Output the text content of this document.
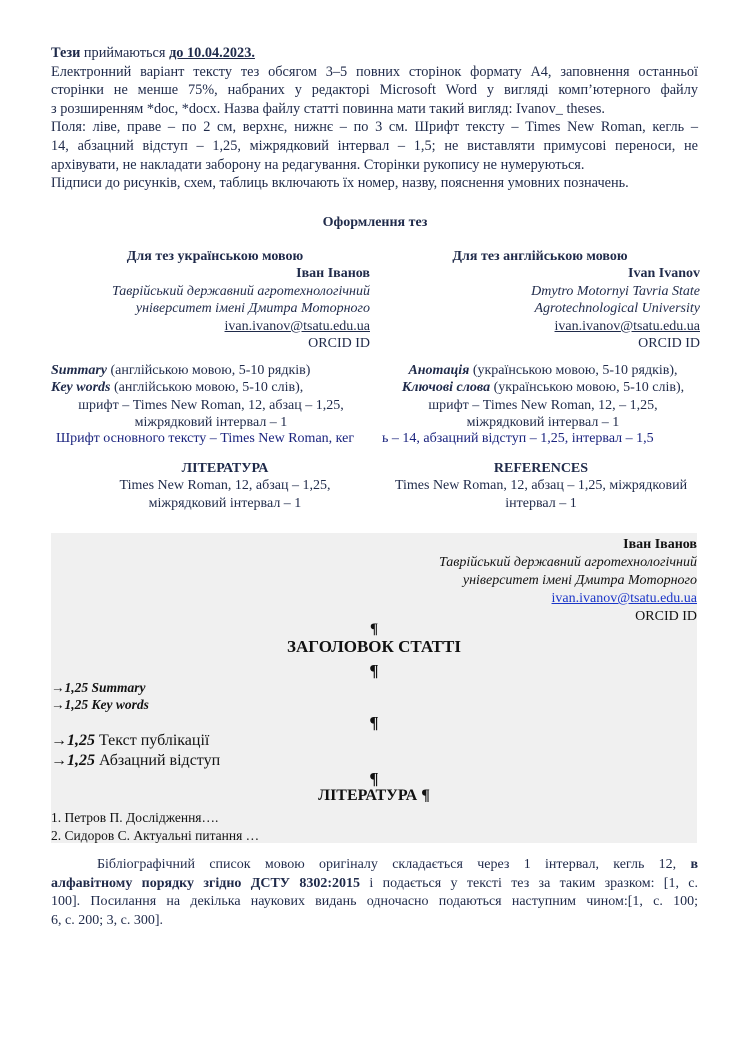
Тези приймаються до 10.04.2023.

Електронний варіант тексту тез обсягом 3–5 повних сторінок формату А4, заповнення останньої

сторінки не менше 75%, набраних у редакторі Microsoft Word у вигляді комп’ютерного файлу

з розширенням *doc, *docх. Назва файлу статті повинна мати такий вигляд: Ivanov_ theses.

Поля: ліве, праве – по 2 см, верхнє, нижнє – по 3 см. Шрифт тексту – Times New Roman, кегль –

14, абзацний відступ – 1,25, міжрядковий інтервал – 1,5; не виставляти примусові переноси, не

архівувати, не накладати заборону на редагування. Сторінки рукопису не нумеруються.

Підписи до рисунків, схем, таблиць включають їх номер, назву, пояснення умовних позначень.

Оформлення тез

Для тез українською мовою

Іван Іванов

Таврійський державний агротехнологічний

університет імені Дмитра Моторного

ivan.ivanov@tsatu.edu.ua

ORCID ID

Для тез англійською мовою

Ivan Ivanov

Dmytro Motornyi Tavria State

Agrotechnological University

ivan.ivanov@tsatu.edu.ua

ORCID ID

Summary (англійською мовою, 5-10 рядків)

Key words (англійською мовою, 5-10 слів),

шрифт – Times New Roman, 12, абзац – 1,25,

міжрядковий інтервал – 1

Анотація (українською мовою, 5-10 рядків),

Ключові слова (українською мовою, 5-10 слів),

шрифт – Times New Roman, 12, – 1,25,

міжрядковий інтервал – 1

Шрифт основного тексту – Times New Roman, кег ь – 14, абзацний відступ – 1,25, інтервал – 1,5

ЛІТЕРАТУРА

Times New Roman, 12, абзац – 1,25,

міжрядковий інтервал – 1

REFERENCES

Times New Roman, 12, абзац – 1,25, міжрядковий

інтервал – 1

Іван Іванов

Таврійський державний агротехнологічний

університет імені Дмитра Моторного

ivan.ivanov@tsatu.edu.ua

ORCID ID

¶
ЗАГОЛОВОК СТАТТІ
¶
→1,25 Summary
→1,25 Key words
¶
→1,25 Текст публікації
→1,25 Абзацний відступ
¶
ЛІТЕРАТУРА ¶

1. Петров П. Дослідження….

2. Сидоров С. Актуальні питання …

Бібліографічний список мовою оригіналу складається через 1 інтервал, кегль 12, в

алфавітному порядку згідно ДСТУ 8302:2015 і подається у тексті тез за таким зразком: [1, с.

100]. Посилання на декілька наукових видань одночасно подаються наступним чином:[1, с. 100;

6, с. 200; 3, с. 300].
